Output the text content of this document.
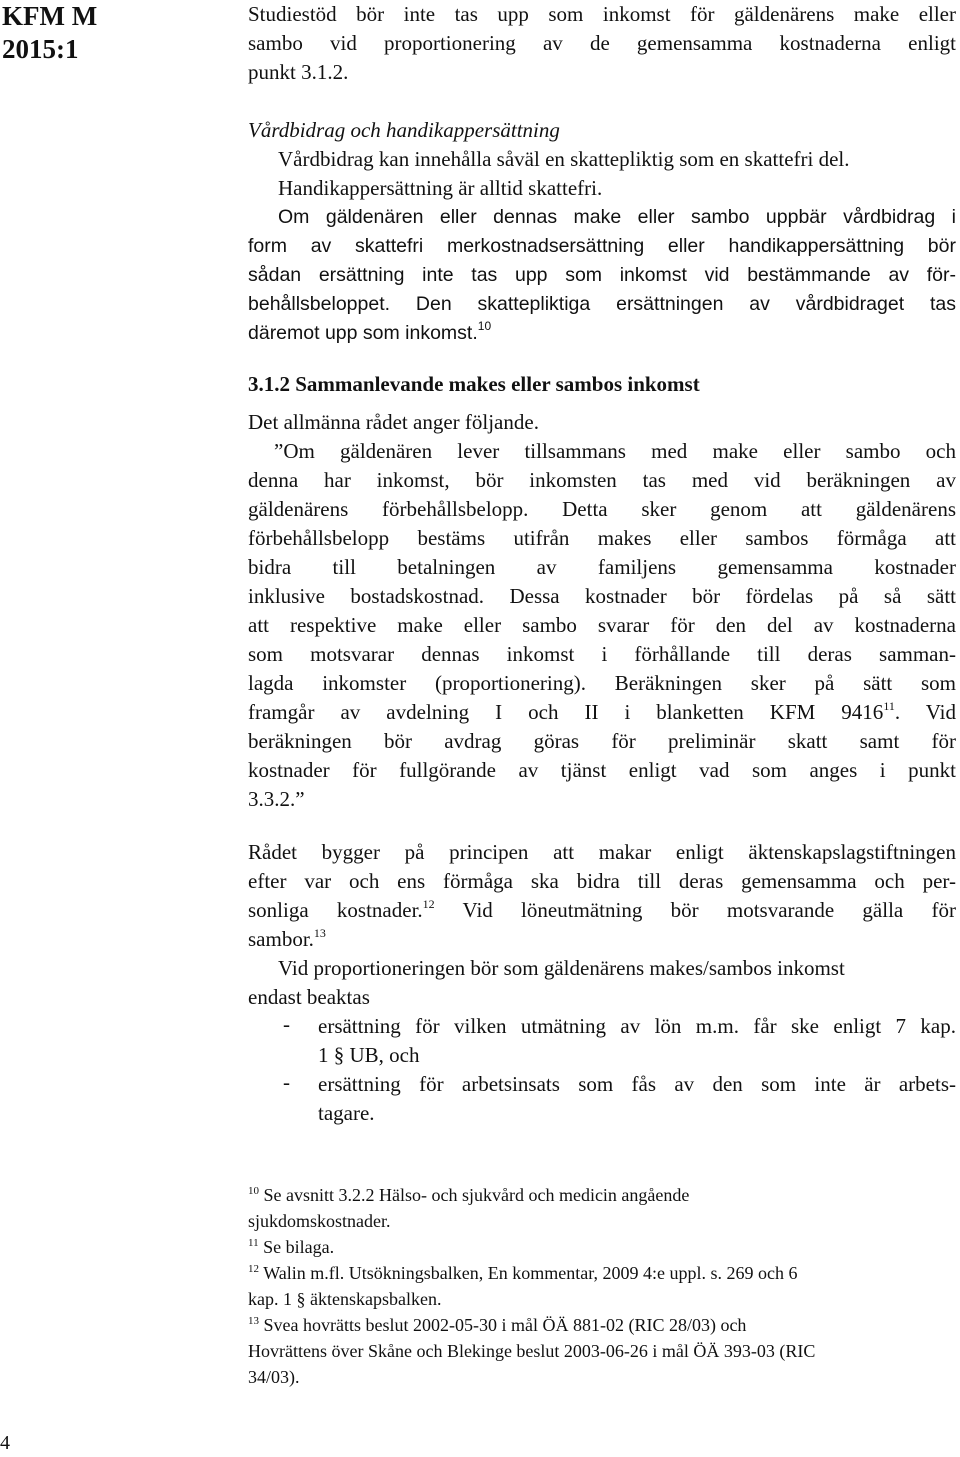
KFM M
2015:1
Studiestöd bör inte tas upp som inkomst för gäldenärens make eller
sambo vid proportionering av de gemensamma kostnaderna enligt
punkt 3.1.2.
Vårdbidrag och handikappersättning
Vårdbidrag kan innehålla såväl en skattepliktig som en skattefri del.
Handikappersättning är alltid skattefri.
Om gäldenären eller dennas make eller sambo uppbär vårdbidrag i
form av skattefri merkostnadsersättning eller handikappersättning bör
sådan ersättning inte tas upp som inkomst vid bestämmande av för-
behållsbeloppet. Den skattepliktiga ersättningen av vårdbidraget tas
däremot upp som inkomst.$^{10}$
3.1.2 Sammanlevande makes eller sambos inkomst
Det allmänna rådet anger följande.
”Om gäldenären lever tillsammans med make eller sambo och
denna har inkomst, bör inkomsten tas med vid beräkningen av
gäldenärens förbehållsbelopp. Detta sker genom att gäldenärens
förbehållsbelopp bestäms utifrån makes eller sambos förmåga att
bidra till betalningen av familjens gemensamma kostnader
inklusive bostadskostnad. Dessa kostnader bör fördelas på så sätt
att respektive make eller sambo svarar för den del av kostnaderna
som motsvarar dennas inkomst i förhållande till deras samman-
lagda inkomster (proportionering). Beräkningen sker på sätt som
framgår av avdelning I och II i blanketten KFM 9416$^{11}$. Vid
beräkningen bör avdrag göras för preliminär skatt samt för
kostnader för fullgörande av tjänst enligt vad som anges i punkt
3.3.2.”
Rådet bygger på principen att makar enligt äktenskapslagstiftningen
efter var och ens förmåga ska bidra till deras gemensamma och per-
sonliga kostnader.$^{12}$ Vid löneutmätning bör motsvarande gälla för
sambor.$^{13}$
Vid proportioneringen bör som gäldenärens makes/sambos inkomst
endast beaktas
- ersättning för vilken utmätning av lön m.m. får ske enligt 7 kap.
1 § UB, och
- ersättning för arbetsinsats som fås av den som inte är arbets-
tagare.
$^{10}$ Se avsnitt 3.2.2 Hälso- och sjukvård och medicin angående
sjukdomskostnader.
$^{11}$ Se bilaga.
$^{12}$ Walin m.fl. Utsökningsbalken, En kommentar, 2009 4:e uppl. s. 269 och 6
kap. 1 § äktenskapsbalken.
$^{13}$ Svea hovrätts beslut 2002-05-30 i mål ÖÄ 881-02 (RIC 28/03) och
Hovrättens över Skåne och Blekinge beslut 2003-06-26 i mål ÖÄ 393-03 (RIC
34/03).
4
